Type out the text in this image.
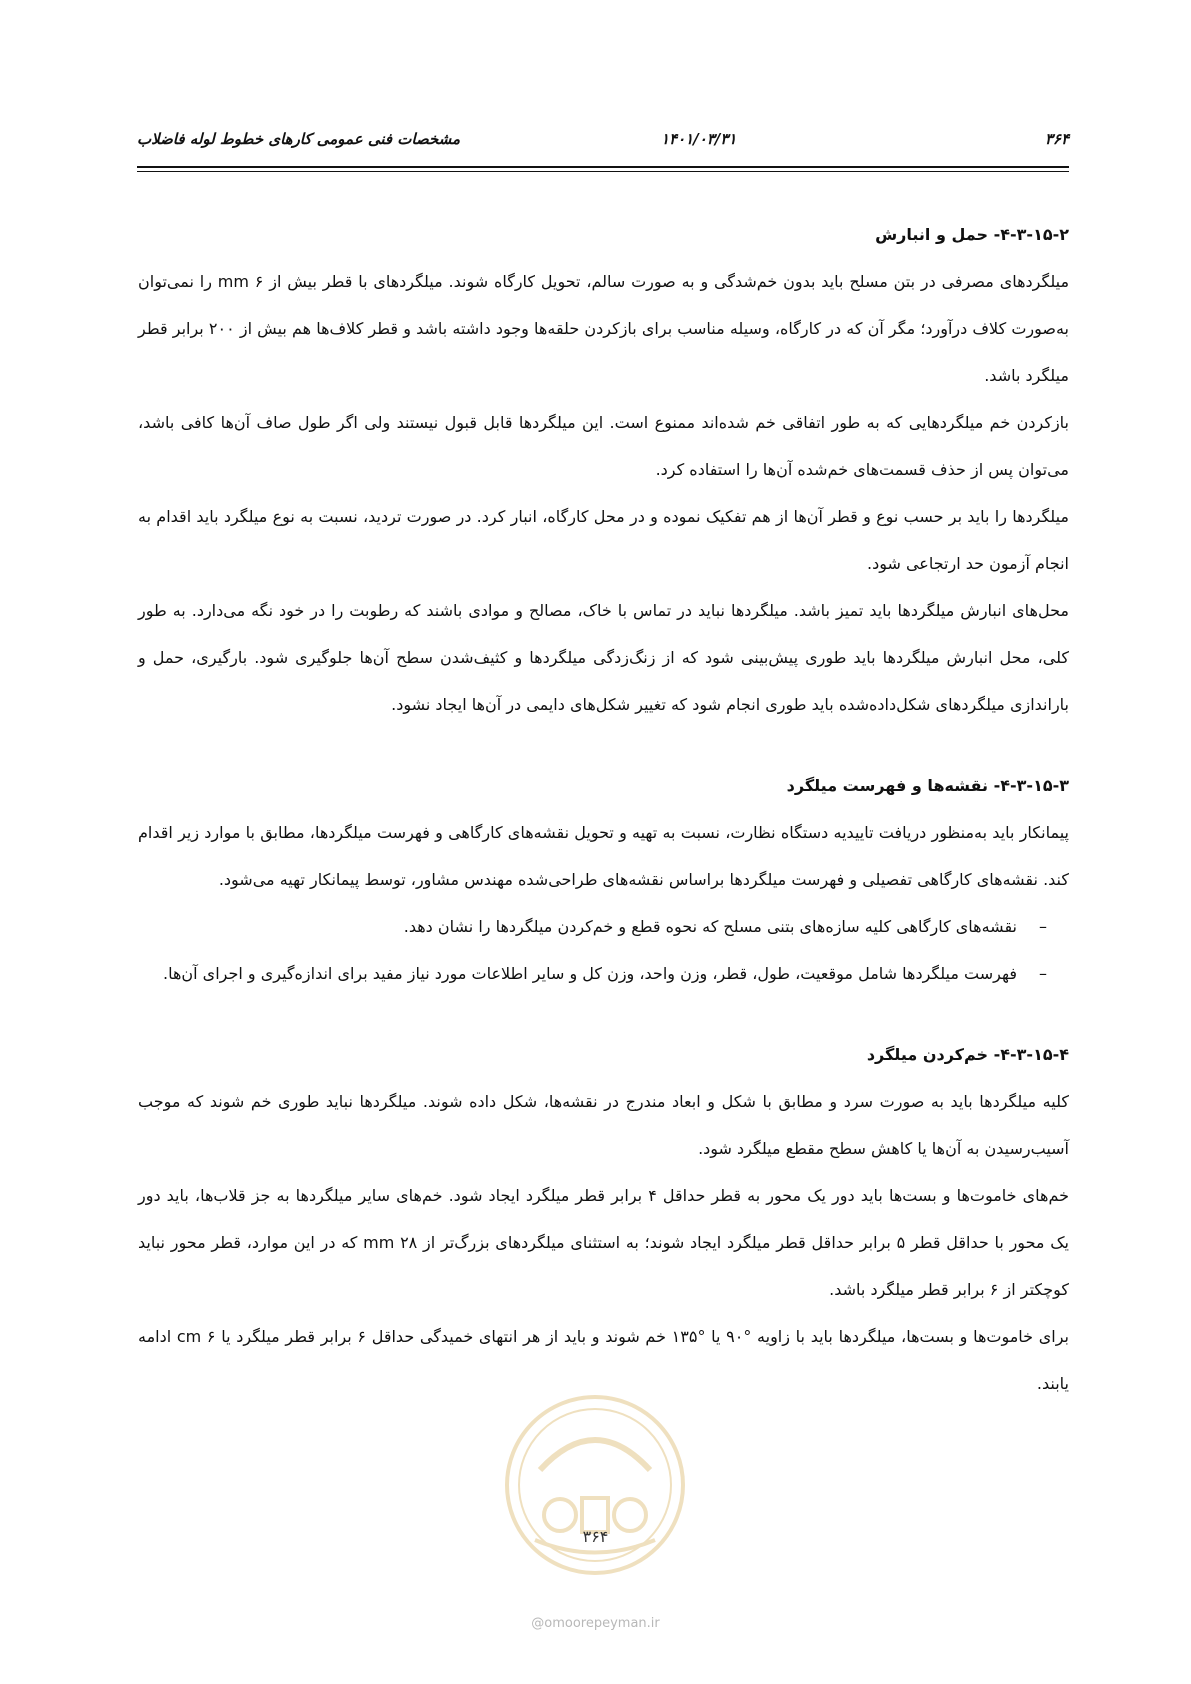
۳۶۴
۱۴۰۱/۰۳/۳۱
مشخصات فنی عمومی کارهای خطوط لوله فاضلاب
۴-۳-۱۵-۲- حمل و انبارش

میلگردهای مصرفی در بتن مسلح باید بدون خم‌شدگی و به صورت سالم، تحویل کارگاه شوند. میلگردهای با قطر بیش از mm ۶ را نمی‌توان به‌صورت کلاف درآورد؛ مگر آن که در کارگاه، وسیله مناسب برای بازکردن حلقه‌ها وجود داشته باشد و قطر کلاف‌ها هم بیش از ۲۰۰ برابر قطر میلگرد باشد.

بازکردن خم میلگردهایی که به طور اتفاقی خم شده‌اند ممنوع است. این میلگردها قابل قبول نیستند ولی اگر طول صاف آن‌ها کافی باشد، می‌توان پس از حذف قسمت‌های خم‌شده آن‌ها را استفاده کرد.

میلگردها را باید بر حسب نوع و قطر آن‌ها از هم تفکیک نموده و در محل کارگاه، انبار کرد. در صورت تردید، نسبت به نوع میلگرد باید اقدام به انجام آزمون حد ارتجاعی شود.

محل‌های انبارش میلگردها باید تمیز باشد. میلگردها نباید در تماس با خاک، مصالح و موادی باشند که رطوبت را در خود نگه می‌دارد. به طور کلی، محل انبارش میلگردها باید طوری پیش‌بینی شود که از زنگ‌زدگی میلگردها و کثیف‌شدن سطح آن‌ها جلوگیری شود. بارگیری، حمل و باراندازی میلگردهای شکل‌داده‌شده باید طوری انجام شود که تغییر شکل‌های دایمی در آن‌ها ایجاد نشود.

۴-۳-۱۵-۳- نقشه‌ها و فهرست میلگرد

پیمانکار باید به‌منظور دریافت تاییدیه دستگاه نظارت، نسبت به تهیه و تحویل نقشه‌های کارگاهی و فهرست میلگردها، مطابق با موارد زیر اقدام کند. نقشه‌های کارگاهی تفصیلی و فهرست میلگردها براساس نقشه‌های طراحی‌شده مهندس مشاور، توسط پیمانکار تهیه می‌شود.

–
نقشه‌های کارگاهی کلیه سازه‌های بتنی مسلح که نحوه قطع و خم‌کردن میلگردها را نشان دهد.
–
فهرست میلگردها شامل موقعیت، طول، قطر، وزن واحد، وزن کل و سایر اطلاعات مورد نیاز مفید برای اندازه‌گیری و اجرای آن‌ها.
۴-۳-۱۵-۴- خم‌کردن میلگرد

کلیه میلگردها باید به صورت سرد و مطابق با شکل و ابعاد مندرج در نقشه‌ها، شکل داده شوند. میلگردها نباید طوری خم شوند که موجب آسیب‌رسیدن به آن‌ها یا کاهش سطح مقطع میلگرد شود.

خم‌های خاموت‌ها و بست‌ها باید دور یک محور به قطر حداقل ۴ برابر قطر میلگرد ایجاد شود. خم‌های سایر میلگردها به جز قلاب‌ها، باید دور یک محور با حداقل قطر ۵ برابر حداقل قطر میلگرد ایجاد شوند؛ به استثنای میلگردهای بزرگ‌تر از mm ۲۸ که در این موارد، قطر محور نباید کوچکتر از ۶ برابر قطر میلگرد باشد.

برای خاموت‌ها و بست‌ها، میلگردها باید با زاویه °۹۰ یا °۱۳۵ خم شوند و باید از هر انتهای خمیدگی حداقل ۶ برابر قطر میلگرد یا cm ۶ ادامه یابند.

۳۶۴
@omoorepeyman.ir
